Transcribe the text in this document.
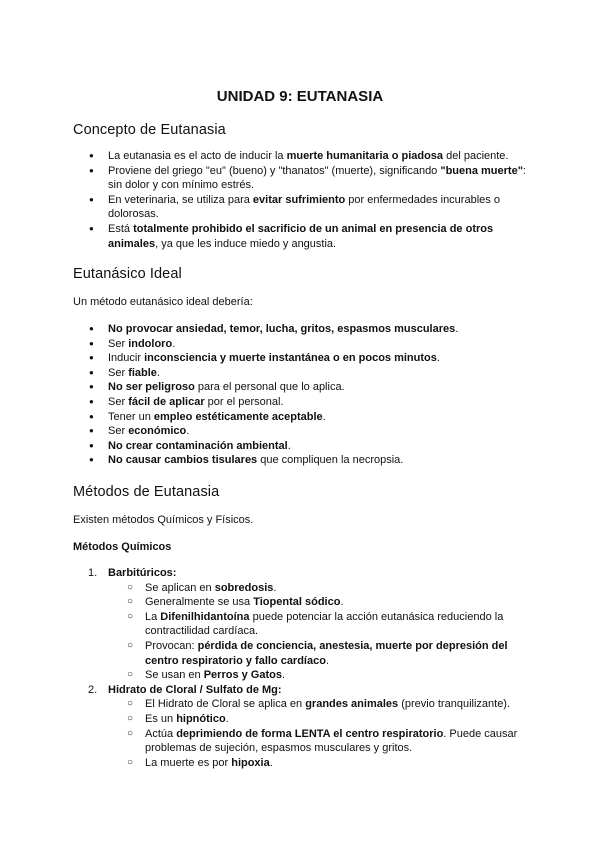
UNIDAD 9: EUTANASIA
Concepto de Eutanasia
● La eutanasia es el acto de inducir la muerte humanitaria o piadosa del paciente.
● Proviene del griego "eu" (bueno) y "thanatos" (muerte), significando "buena muerte": sin dolor y con mínimo estrés.
● En veterinaria, se utiliza para evitar sufrimiento por enfermedades incurables o dolorosas.
● Está totalmente prohibido el sacrificio de un animal en presencia de otros animales, ya que les induce miedo y angustia.
Eutanásico Ideal

Un método eutanásico ideal debería:

● No provocar ansiedad, temor, lucha, gritos, espasmos musculares.
● Ser indoloro.
● Inducir inconsciencia y muerte instantánea o en pocos minutos.
● Ser fiable.
● No ser peligroso para el personal que lo aplica.
● Ser fácil de aplicar por el personal.
● Tener un empleo estéticamente aceptable.
● Ser económico.
● No crear contaminación ambiental.
● No causar cambios tisulares que compliquen la necropsia.
Métodos de Eutanasia

Existen métodos Químicos y Físicos.

Métodos Químicos
1. Barbitúricos:
○ Se aplican en sobredosis.
○ Generalmente se usa Tiopental sódico.
○ La Difenilhidantoína puede potenciar la acción eutanásica reduciendo la contractilidad cardíaca.
○ Provocan: pérdida de conciencia, anestesia, muerte por depresión del centro respiratorio y fallo cardíaco.
○ Se usan en Perros y Gatos.
2. Hidrato de Cloral / Sulfato de Mg:
○ El Hidrato de Cloral se aplica en grandes animales (previo tranquilizante).
○ Es un hipnótico.
○ Actúa deprimiendo de forma LENTA el centro respiratorio. Puede causar problemas de sujeción, espasmos musculares y gritos.
○ La muerte es por hipoxia.
